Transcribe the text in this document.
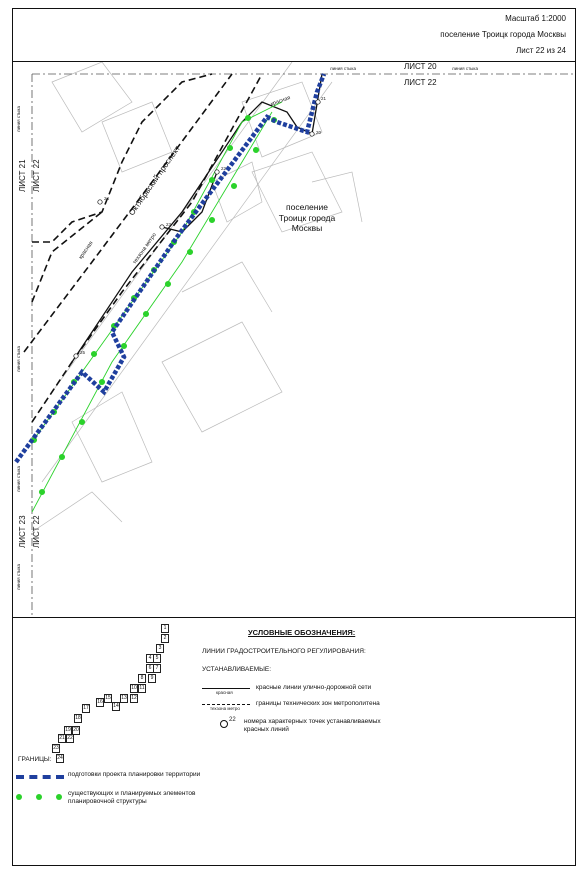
Масштаб 1:2000
поселение Троицк города Москвы
Лист 22 из 24
ЛИСТ 20
ЛИСТ 22
линия стыка	линия стыка
ЛИСТ 21 ЛИСТ 22
ЛИСТ 23 ЛИСТ 22
линия стыка
линия стыка
линия стыка
линия стыка
Октябрьский проспект
техзона метро
красная
красная
поселение
Троицк города
Москвы
20
21
22
23
24
25
1
2
3
4 5
6 7
8	9
10 11
12
13
14
15
16
17
18
19 20
21 22
23
24
УСЛОВНЫЕ ОБОЗНАЧЕНИЯ:
ЛИНИИ ГРАДОСТРОИТЕЛЬНОГО РЕГУЛИРОВАНИЯ:
УСТАНАВЛИВАЕМЫЕ:
красная
красные линии улично-дорожной сети
техзона метро
границы технических зон метрополитена
22 номера характерных точек устанавливаемых красных линий
ГРАНИЦЫ:
подготовки проекта планировки территории
существующих и планируемых элементов планировочной структуры
